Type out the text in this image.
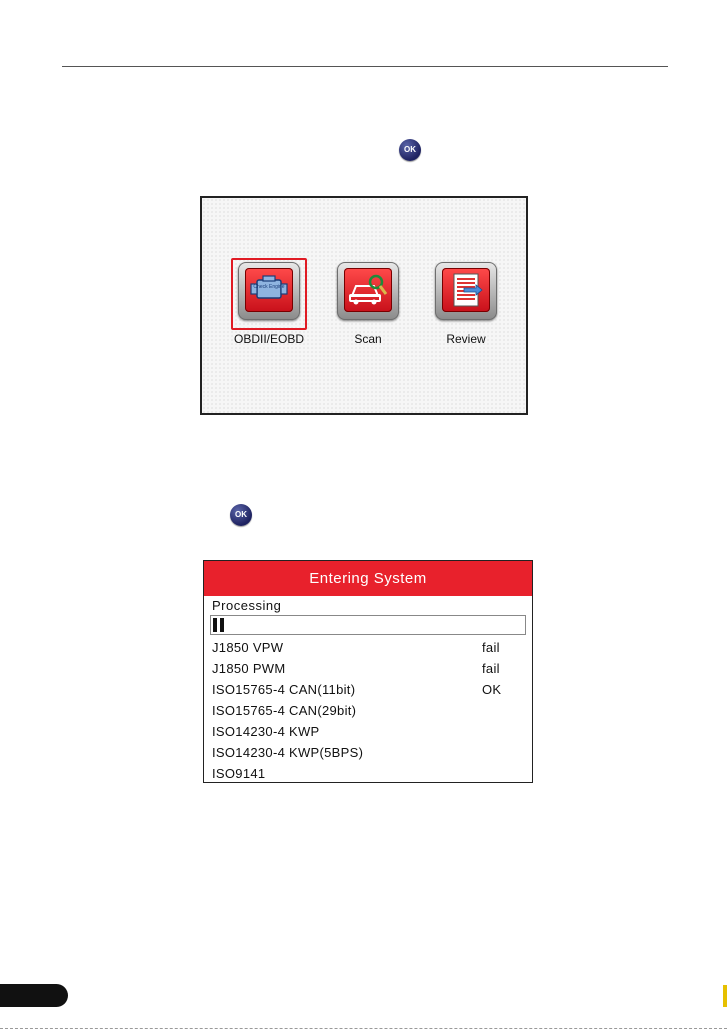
OK
Check Engine
OBDII/EOBD	Scan	Review
OK
Entering System
Processing
J1850 VPW	fail
J1850 PWM	fail
ISO15765-4 CAN(11bit)	OK
ISO15765-4 CAN(29bit)
ISO14230-4 KWP
ISO14230-4 KWP(5BPS)
ISO9141
